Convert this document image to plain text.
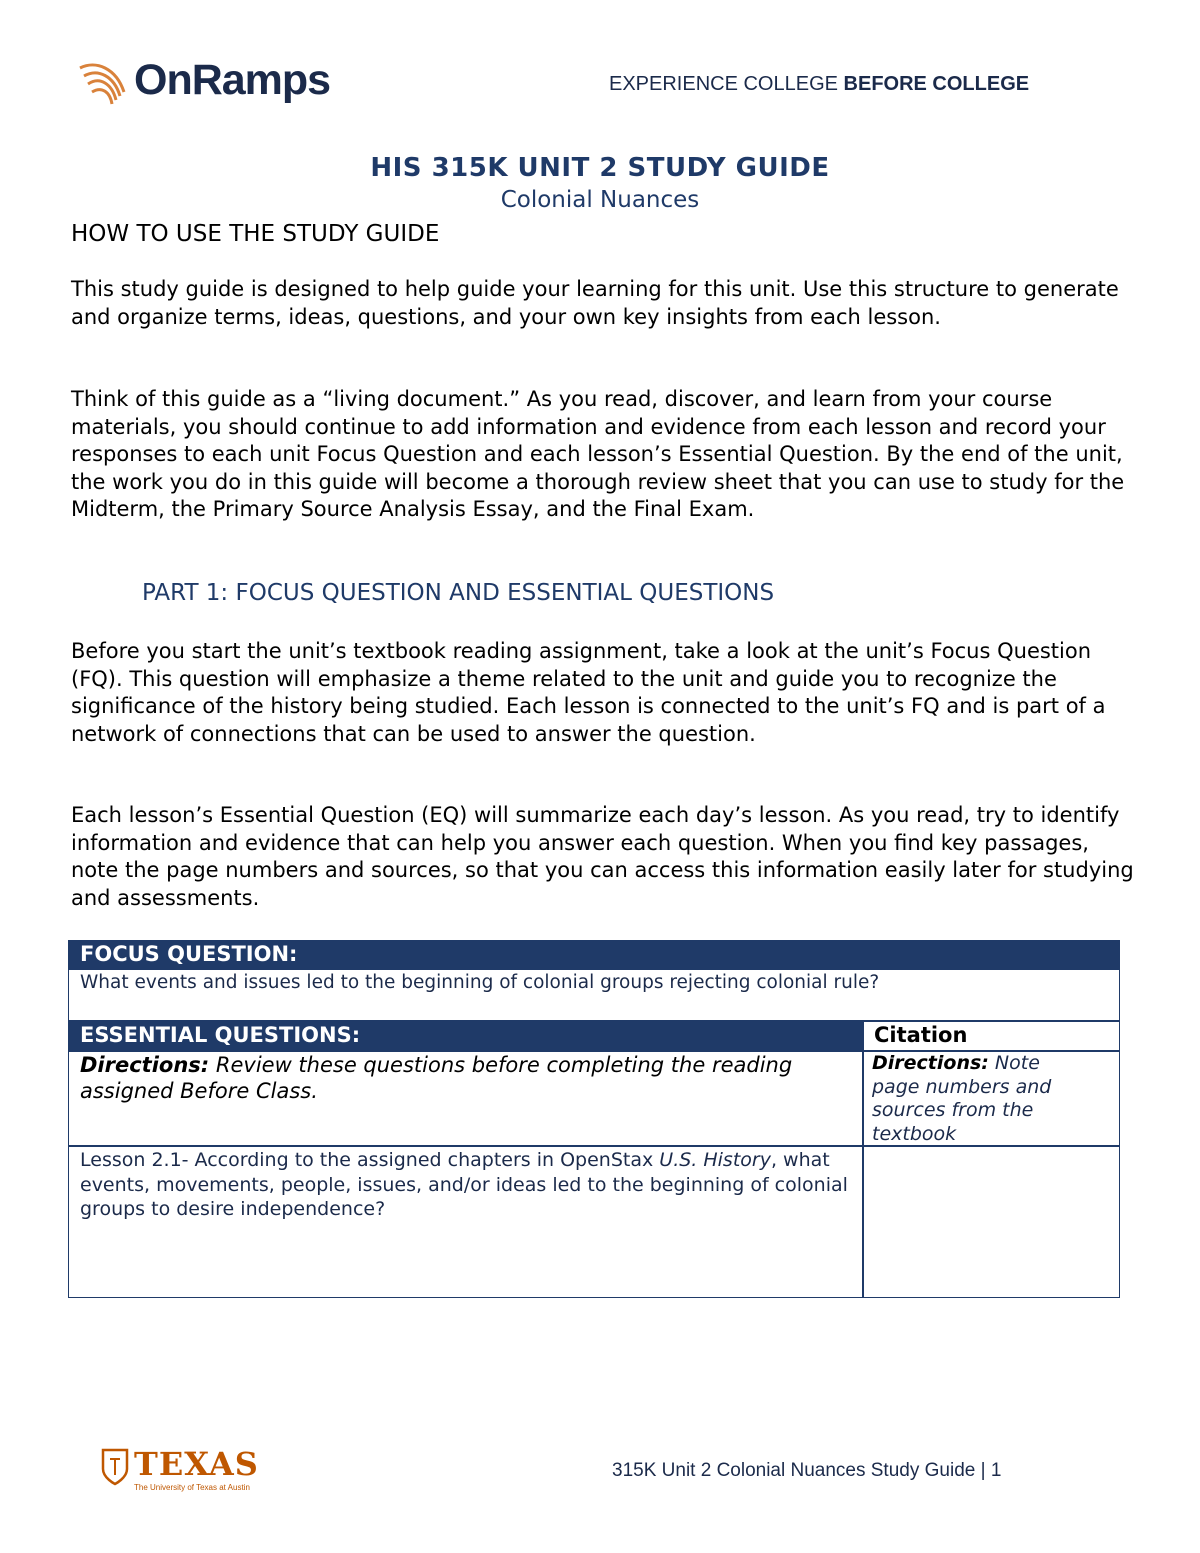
OnRamps	EXPERIENCE COLLEGE BEFORE COLLEGE
HIS 315K UNIT 2 STUDY GUIDE
Colonial Nuances
HOW TO USE THE STUDY GUIDE
This study guide is designed to help guide your learning for this unit. Use this structure to generate and organize terms, ideas, questions, and your own key insights from each lesson.
Think of this guide as a “living document.” As you read, discover, and learn from your course materials, you should continue to add information and evidence from each lesson and record your responses to each unit Focus Question and each lesson’s Essential Question. By the end of the unit, the work you do in this guide will become a thorough review sheet that you can use to study for the Midterm, the Primary Source Analysis Essay, and the Final Exam.
PART 1: FOCUS QUESTION AND ESSENTIAL QUESTIONS
Before you start the unit’s textbook reading assignment, take a look at the unit’s Focus Question (FQ). This question will emphasize a theme related to the unit and guide you to recognize the significance of the history being studied. Each lesson is connected to the unit’s FQ and is part of a network of connections that can be used to answer the question.
Each lesson’s Essential Question (EQ) will summarize each day’s lesson. As you read, try to identify information and evidence that can help you answer each question. When you find key passages, note the page numbers and sources, so that you can access this information easily later for studying and assessments.
FOCUS QUESTION:
What events and issues led to the beginning of colonial groups rejecting colonial rule?
ESSENTIAL QUESTIONS:	Citation
Directions: Review these questions before completing the reading assigned Before Class.
Directions: Note page numbers and sources from the textbook
Lesson 2.1- According to the assigned chapters in OpenStax U.S. History, what events, movements, people, issues, and/or ideas led to the beginning of colonial groups to desire independence?
TEXAS
The University of Texas at Austin
315K Unit 2 Colonial Nuances Study Guide | 1
